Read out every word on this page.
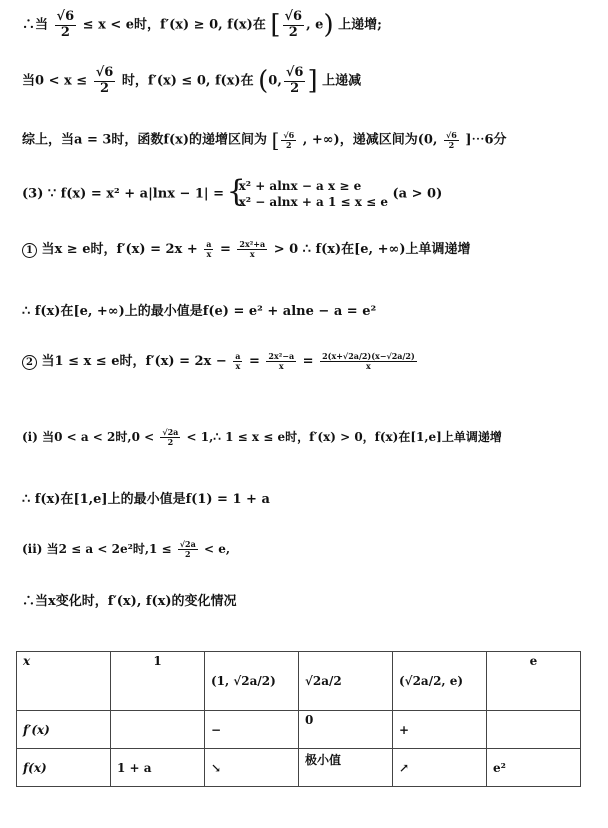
∴当 $\frac{√6}{2} \le x < e$时，f′(x) ≥ 0, f(x)在 [ $\frac{√6}{2}$ , e) 上递增;
当$0 < x \le \frac{√6}{2}$ 时，f′(x) ≤ 0, f(x)在 (0, $\frac{√6}{2}$ ] 上递减
综上，当a = 3时，函数f(x)的递增区间为 [ $\frac{√6}{2}$ , +∞)，递减区间为(0, $\frac{√6}{2}$ ]⋯6分
(3) ∵ f(x) = x² + a|lnx − 1| =
{ x² + alnx − a x ≥ e
x² − alnx + a 1 ≤ x ≤ e
(a > 0)
1 当x ≥ e时，$f'(x) = 2x + \frac{a}{x} = \frac{\text{2x²+a}}{x} > 0$ ∴ f(x)在[e, +∞)上单调递增
∴ f(x)在[e, +∞)上的最小值是f(e) = e² + alne − a = e²
2 当1 ≤ x ≤ e时，$f'(x) = 2x - \frac{a}{x} = \frac{\text{2x²−a}}{x} = \frac{2(x+√2a/2)(x-√2a/2)}{x}$
(i) 当0 < a < 2时$,0 < \frac{√2a}{2}$ < 1,∴ 1 ≤ x ≤ e时，f′(x) > 0，f(x)在[1,e]上单调递增
∴ f(x)在[1,e]上的最小值是f(1) = 1 + a
(ii) 当2 ≤ a < 2e²时$,1 \le \frac{√2a}{2} < e$,
∴当x变化时，f′(x), f(x)的变化情况
x	1	(1, √2a/2)	√2a/2	(√2a/2, e)	e
f′(x)		−	0	+	
f(x)	1 + a	↘	极小值	↗	e²
